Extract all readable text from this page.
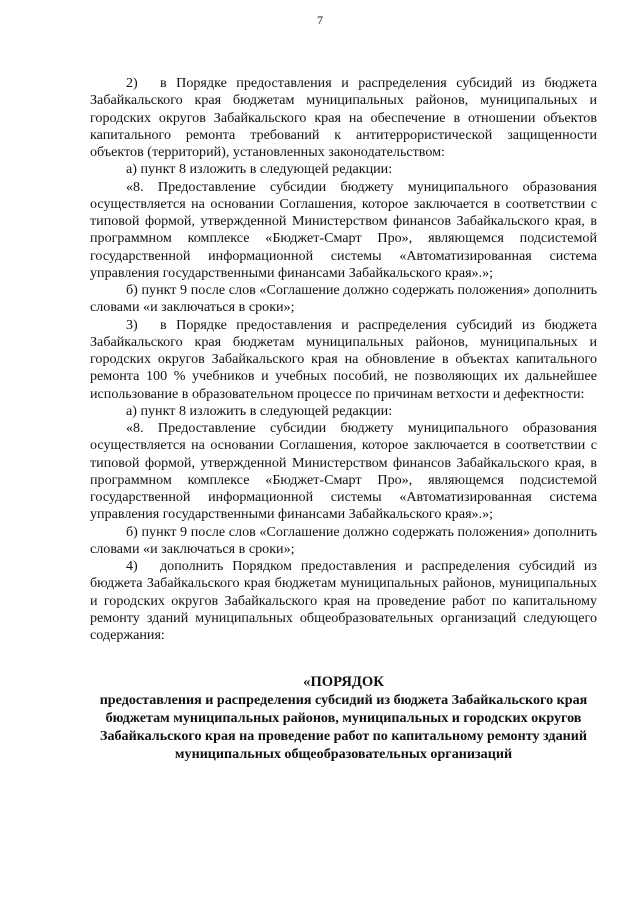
7

2) в Порядке предоставления и распределения субсидий из бюджета Забайкальского края бюджетам муниципальных районов, муниципальных и городских округов Забайкальского края на обеспечение в отношении объектов капитального ремонта требований к антитеррористической защищенности объектов (территорий), установленных законодательством:

а) пункт 8 изложить в следующей редакции:

«8. Предоставление субсидии бюджету муниципального образования осуществляется на основании Соглашения, которое заключается в соответствии с типовой формой, утвержденной Министерством финансов Забайкальского края, в программном комплексе «Бюджет-Смарт Про», являющемся подсистемой государственной информационной системы «Автоматизированная система управления государственными финансами Забайкальского края».»;

б) пункт 9 после слов «Соглашение должно содержать положения» дополнить словами «и заключаться в сроки»;

3) в Порядке предоставления и распределения субсидий из бюджета Забайкальского края бюджетам муниципальных районов, муниципальных и городских округов Забайкальского края на обновление в объектах капитального ремонта 100 % учебников и учебных пособий, не позволяющих их дальнейшее использование в образовательном процессе по причинам ветхости и дефектности:

а) пункт 8 изложить в следующей редакции:

«8. Предоставление субсидии бюджету муниципального образования осуществляется на основании Соглашения, которое заключается в соответствии с типовой формой, утвержденной Министерством финансов Забайкальского края, в программном комплексе «Бюджет-Смарт Про», являющемся подсистемой государственной информационной системы «Автоматизированная система управления государственными финансами Забайкальского края».»;

б) пункт 9 после слов «Соглашение должно содержать положения» дополнить словами «и заключаться в сроки»;

4) дополнить Порядком предоставления и распределения субсидий из бюджета Забайкальского края бюджетам муниципальных районов, муниципальных и городских округов Забайкальского края на проведение работ по капитальному ремонту зданий муниципальных общеобразовательных организаций следующего содержания:

«ПОРЯДОК

предоставления и распределения субсидий из бюджета Забайкальского края бюджетам муниципальных районов, муниципальных и городских округов Забайкальского края на проведение работ по капитальному ремонту зданий муниципальных общеобразовательных организаций
